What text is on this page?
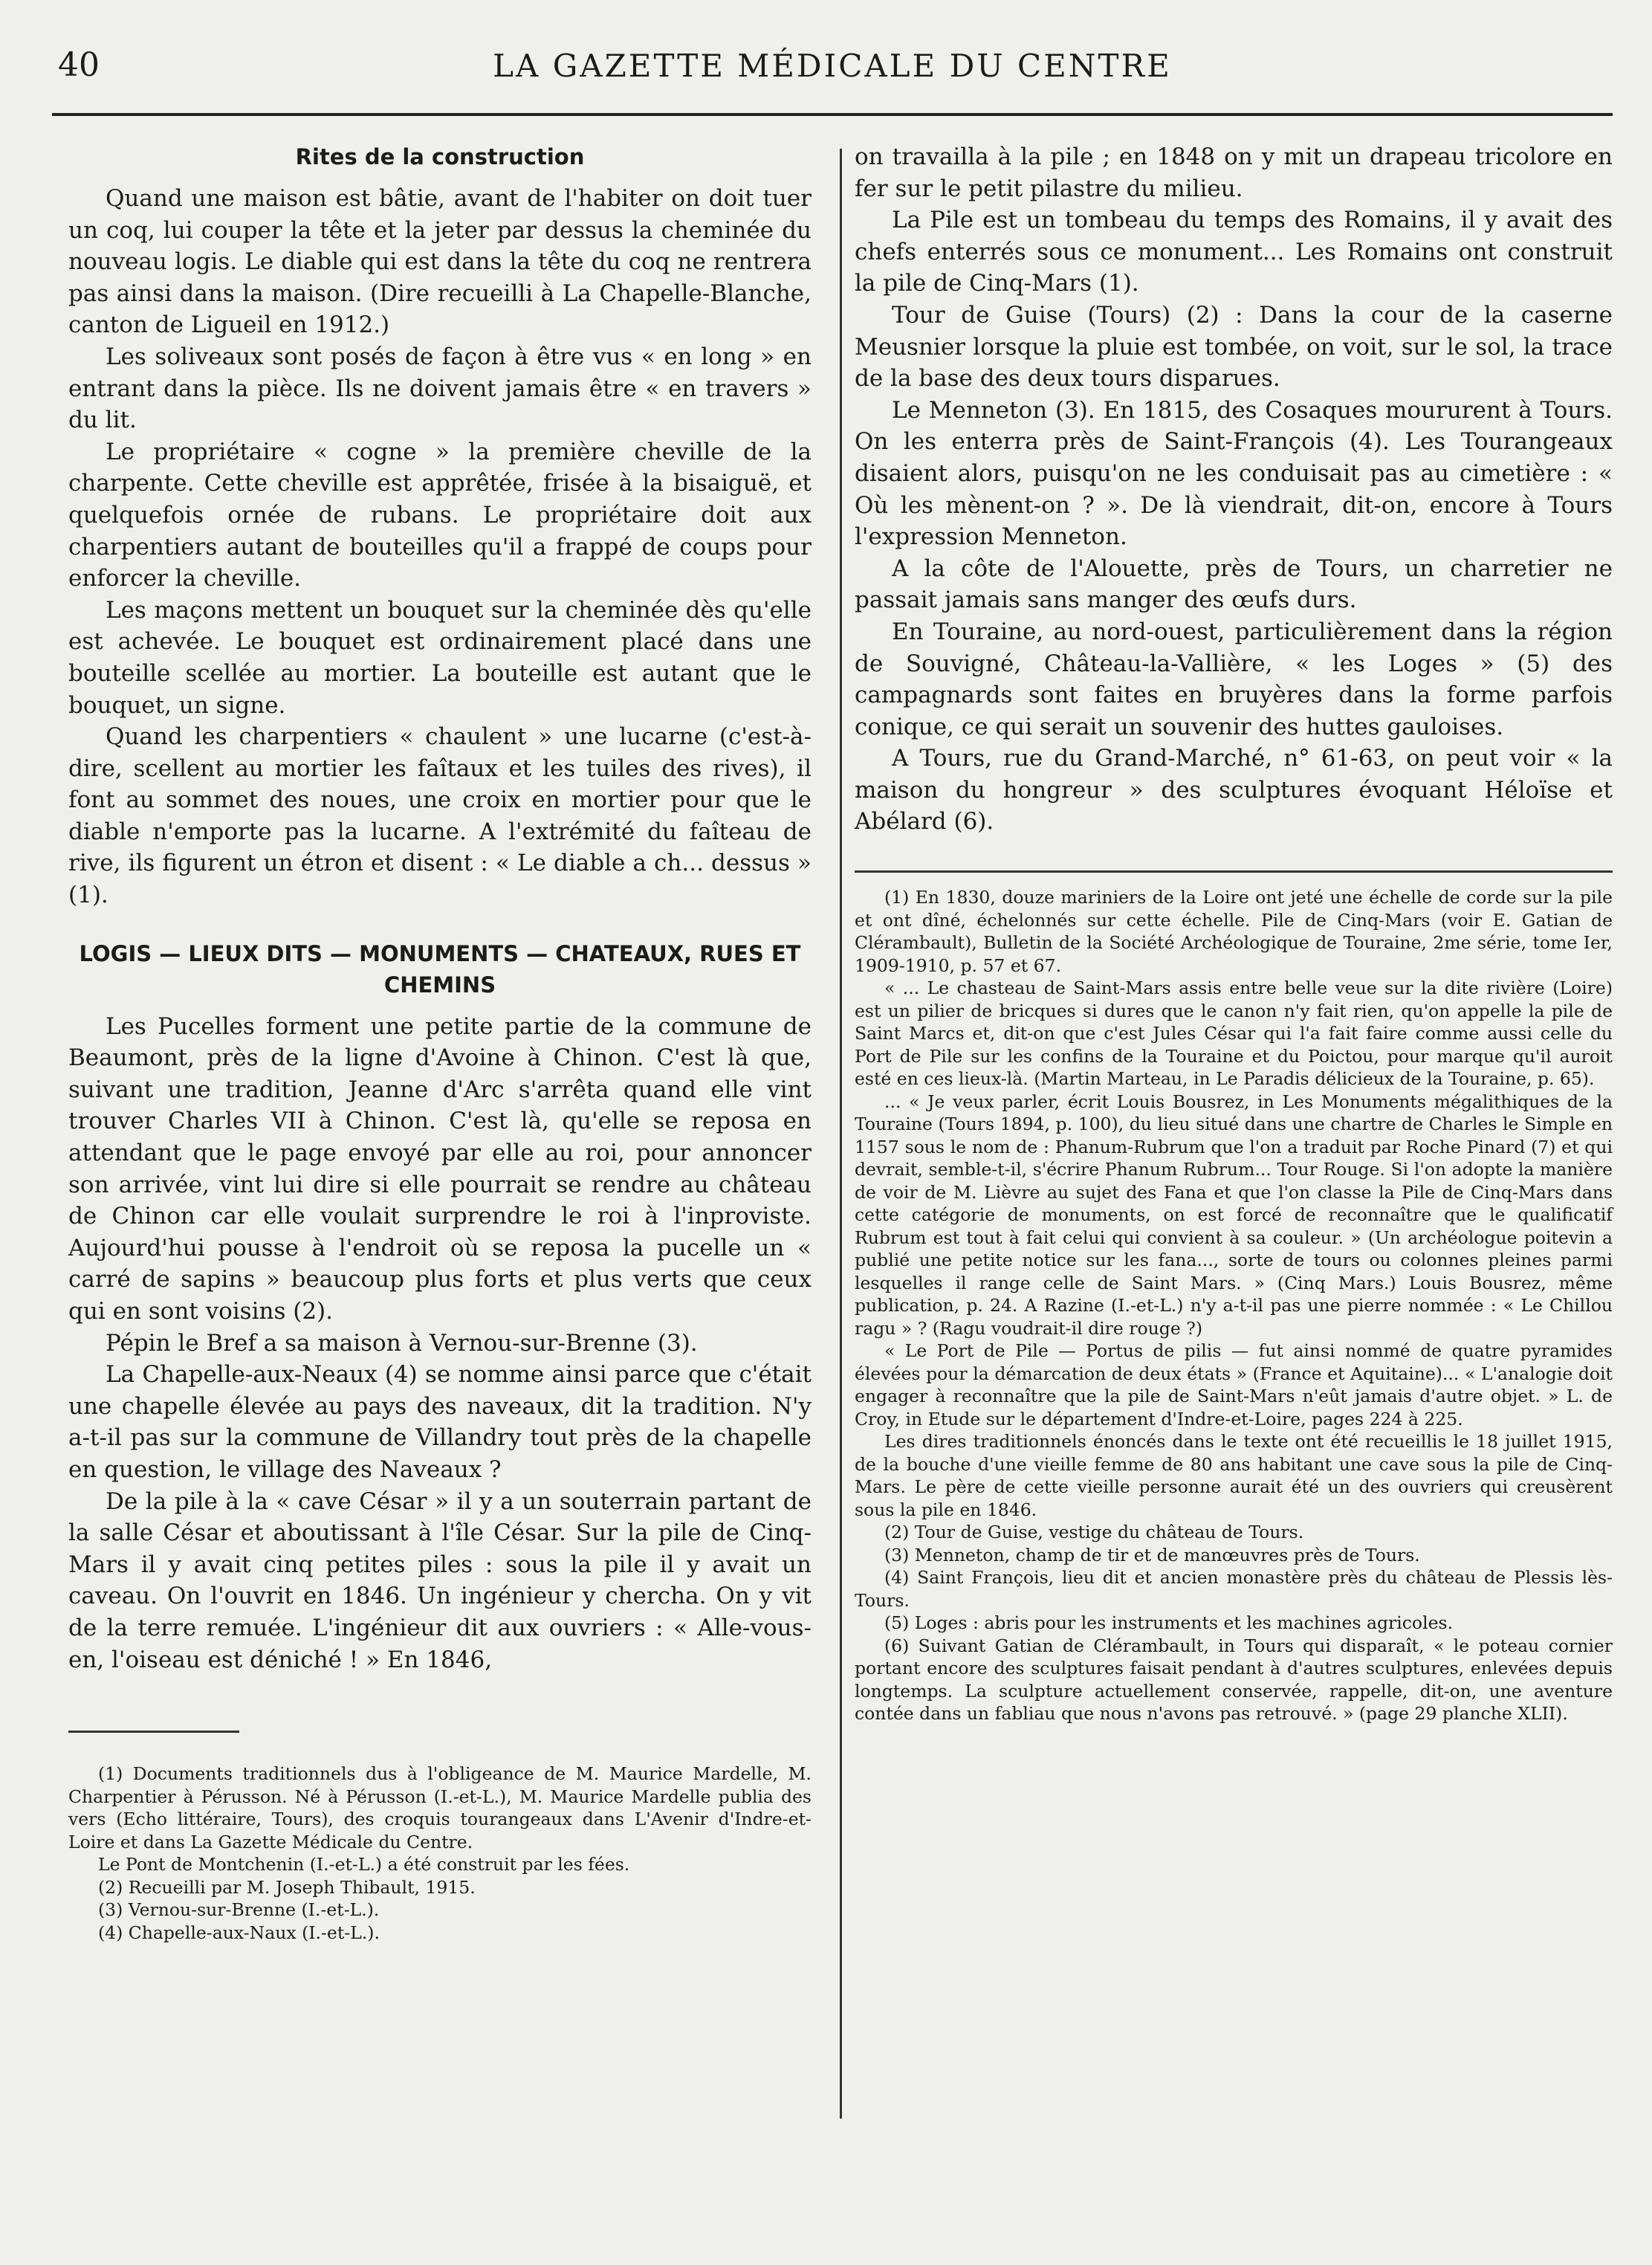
40	LA GAZETTE MÉDICALE DU CENTRE
Rites de la construction

Quand une maison est bâtie, avant de l'habiter on doit tuer un coq, lui couper la tête et la jeter par dessus la cheminée du nouveau logis. Le diable qui est dans la tête du coq ne rentrera pas ainsi dans la maison. (Dire recueilli à La Chapelle-Blanche, canton de Ligueil en 1912.)

Les soliveaux sont posés de façon à être vus « en long » en entrant dans la pièce. Ils ne doivent jamais être « en travers » du lit.

Le propriétaire « cogne » la première cheville de la charpente. Cette cheville est apprêtée, frisée à la bisaiguë, et quelquefois ornée de rubans. Le propriétaire doit aux charpentiers autant de bouteilles qu'il a frappé de coups pour enforcer la cheville.

Les maçons mettent un bouquet sur la cheminée dès qu'elle est achevée. Le bouquet est ordinairement placé dans une bouteille scellée au mortier. La bouteille est autant que le bouquet, un signe.

Quand les charpentiers « chaulent » une lucarne (c'est-à-dire, scellent au mortier les faîtaux et les tuiles des rives), il font au sommet des noues, une croix en mortier pour que le diable n'emporte pas la lucarne. A l'extrémité du faîteau de rive, ils figurent un étron et disent : « Le diable a ch... dessus » (1).

LOGIS — LIEUX DITS — MONUMENTS — CHATEAUX, RUES ET CHEMINS

Les Pucelles forment une petite partie de la commune de Beaumont, près de la ligne d'Avoine à Chinon. C'est là que, suivant une tradition, Jeanne d'Arc s'arrêta quand elle vint trouver Charles VII à Chinon. C'est là, qu'elle se reposa en attendant que le page envoyé par elle au roi, pour annoncer son arrivée, vint lui dire si elle pourrait se rendre au château de Chinon car elle voulait surprendre le roi à l'inproviste. Aujourd'hui pousse à l'endroit où se reposa la pucelle un « carré de sapins » beaucoup plus forts et plus verts que ceux qui en sont voisins (2).

Pépin le Bref a sa maison à Vernou-sur-Brenne (3).

La Chapelle-aux-Neaux (4) se nomme ainsi parce que c'était une chapelle élevée au pays des naveaux, dit la tradition. N'y a-t-il pas sur la commune de Villandry tout près de la chapelle en question, le village des Naveaux ?

De la pile à la « cave César » il y a un souterrain partant de la salle César et aboutissant à l'île César. Sur la pile de Cinq-Mars il y avait cinq petites piles : sous la pile il y avait un caveau. On l'ouvrit en 1846. Un ingénieur y chercha. On y vit de la terre remuée. L'ingénieur dit aux ouvriers : « Alle-vous-en, l'oiseau est déniché ! » En 1846,

(1) Documents traditionnels dus à l'obligeance de M. Maurice Mardelle, M. Charpentier à Pérusson. Né à Pérusson (I.-et-L.), M. Maurice Mardelle publia des vers (Echo littéraire, Tours), des croquis tourangeaux dans L'Avenir d'Indre-et-Loire et dans La Gazette Médicale du Centre.

Le Pont de Montchenin (I.-et-L.) a été construit par les fées.

(2) Recueilli par M. Joseph Thibault, 1915.

(3) Vernou-sur-Brenne (I.-et-L.).

(4) Chapelle-aux-Naux (I.-et-L.).

on travailla à la pile ; en 1848 on y mit un drapeau tricolore en fer sur le petit pilastre du milieu.

La Pile est un tombeau du temps des Romains, il y avait des chefs enterrés sous ce monument... Les Romains ont construit la pile de Cinq-Mars (1).

Tour de Guise (Tours) (2) : Dans la cour de la caserne Meusnier lorsque la pluie est tombée, on voit, sur le sol, la trace de la base des deux tours disparues.

Le Menneton (3). En 1815, des Cosaques moururent à Tours. On les enterra près de Saint-François (4). Les Tourangeaux disaient alors, puisqu'on ne les conduisait pas au cimetière : « Où les mènent-on ? ». De là viendrait, dit-on, encore à Tours l'expression Menneton.

A la côte de l'Alouette, près de Tours, un charretier ne passait jamais sans manger des œufs durs.

En Touraine, au nord-ouest, particulièrement dans la région de Souvigné, Château-la-Vallière, « les Loges » (5) des campagnards sont faites en bruyères dans la forme parfois conique, ce qui serait un souvenir des huttes gauloises.

A Tours, rue du Grand-Marché, n° 61-63, on peut voir « la maison du hongreur » des sculptures évoquant Héloïse et Abélard (6).

(1) En 1830, douze mariniers de la Loire ont jeté une échelle de corde sur la pile et ont dîné, échelonnés sur cette échelle. Pile de Cinq-Mars (voir E. Gatian de Clérambault), Bulletin de la Société Archéologique de Touraine, 2me série, tome Ier, 1909-1910, p. 57 et 67.

« ... Le chasteau de Saint-Mars assis entre belle veue sur la dite rivière (Loire) est un pilier de bricques si dures que le canon n'y fait rien, qu'on appelle la pile de Saint Marcs et, dit-on que c'est Jules César qui l'a fait faire comme aussi celle du Port de Pile sur les confins de la Touraine et du Poictou, pour marque qu'il auroit esté en ces lieux-là. (Martin Marteau, in Le Paradis délicieux de la Touraine, p. 65).

... « Je veux parler, écrit Louis Bousrez, in Les Monuments mégalithiques de la Touraine (Tours 1894, p. 100), du lieu situé dans une chartre de Charles le Simple en 1157 sous le nom de : Phanum-Rubrum que l'on a traduit par Roche Pinard (7) et qui devrait, semble-t-il, s'écrire Phanum Rubrum... Tour Rouge. Si l'on adopte la manière de voir de M. Lièvre au sujet des Fana et que l'on classe la Pile de Cinq-Mars dans cette catégorie de monuments, on est forcé de reconnaître que le qualificatif Rubrum est tout à fait celui qui convient à sa couleur. » (Un archéologue poitevin a publié une petite notice sur les fana..., sorte de tours ou colonnes pleines parmi lesquelles il range celle de Saint Mars. » (Cinq Mars.) Louis Bousrez, même publication, p. 24. A Razine (I.-et-L.) n'y a-t-il pas une pierre nommée : « Le Chillou ragu » ? (Ragu voudrait-il dire rouge ?)

« Le Port de Pile — Portus de pilis — fut ainsi nommé de quatre pyramides élevées pour la démarcation de deux états » (France et Aquitaine)... « L'analogie doit engager à reconnaître que la pile de Saint-Mars n'eût jamais d'autre objet. » L. de Croy, in Etude sur le département d'Indre-et-Loire, pages 224 à 225.

Les dires traditionnels énoncés dans le texte ont été recueillis le 18 juillet 1915, de la bouche d'une vieille femme de 80 ans habitant une cave sous la pile de Cinq-Mars. Le père de cette vieille personne aurait été un des ouvriers qui creusèrent sous la pile en 1846.

(2) Tour de Guise, vestige du château de Tours.

(3) Menneton, champ de tir et de manœuvres près de Tours.

(4) Saint François, lieu dit et ancien monastère près du château de Plessis lès-Tours.

(5) Loges : abris pour les instruments et les machines agricoles.

(6) Suivant Gatian de Clérambault, in Tours qui disparaît, « le poteau cornier portant encore des sculptures faisait pendant à d'autres sculptures, enlevées depuis longtemps. La sculpture actuellement conservée, rappelle, dit-on, une aventure contée dans un fabliau que nous n'avons pas retrouvé. » (page 29 planche XLII).
